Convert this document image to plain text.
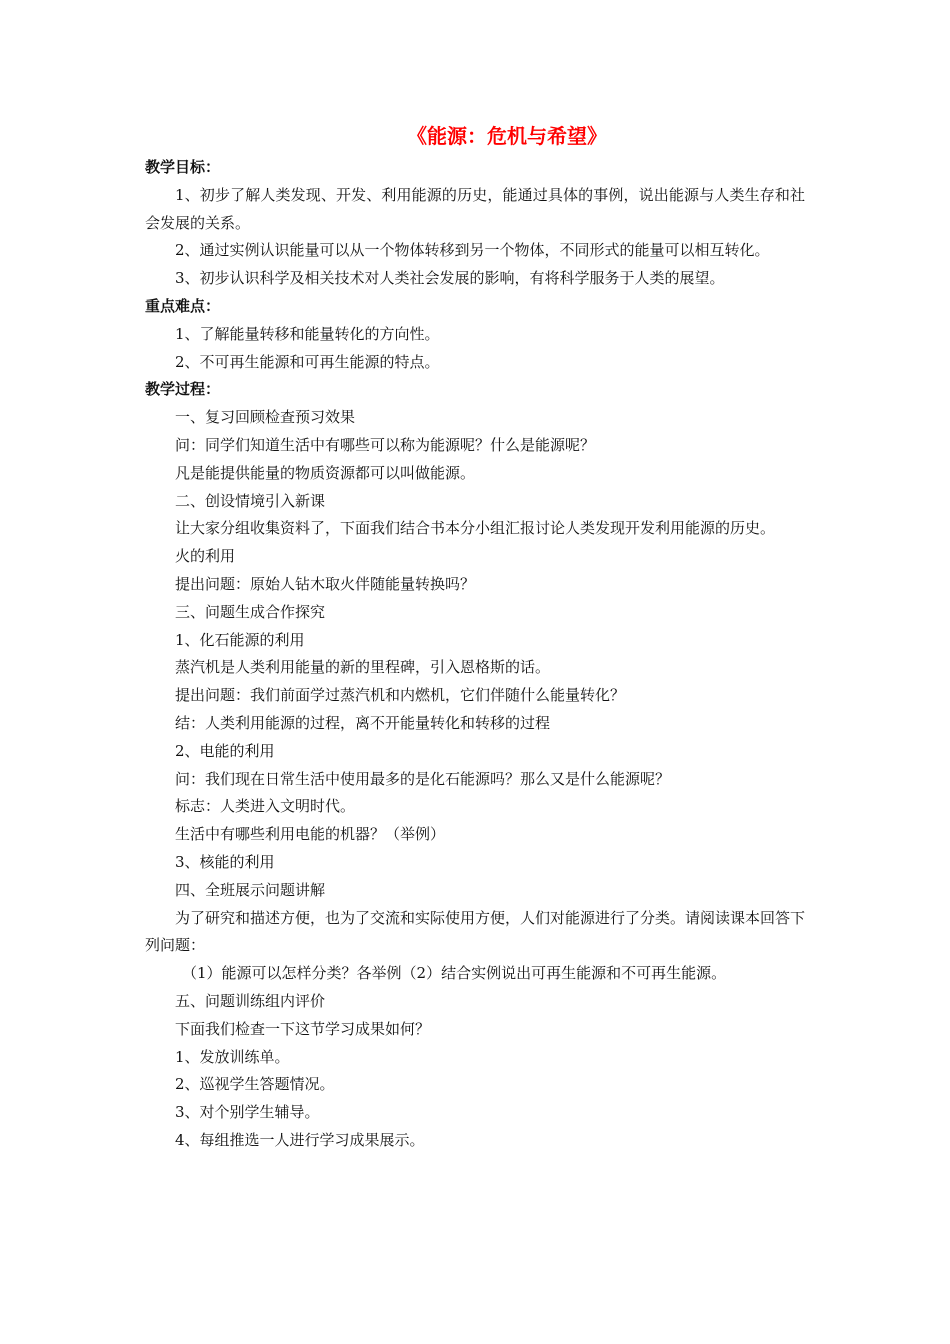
《能源：危机与希望》

教学目标：

1、初步了解人类发现、开发、利用能源的历史，能通过具体的事例，说出能源与人类生存和社会发展的关系。

2、通过实例认识能量可以从一个物体转移到另一个物体，不同形式的能量可以相互转化。

3、初步认识科学及相关技术对人类社会发展的影响，有将科学服务于人类的展望。

重点难点：

1、了解能量转移和能量转化的方向性。

2、不可再生能源和可再生能源的特点。

教学过程：

一、复习回顾检查预习效果

问：同学们知道生活中有哪些可以称为能源呢？什么是能源呢？

凡是能提供能量的物质资源都可以叫做能源。

二、创设情境引入新课

让大家分组收集资料了，下面我们结合书本分小组汇报讨论人类发现开发利用能源的历史。

火的利用

提出问题：原始人钻木取火伴随能量转换吗？

三、问题生成合作探究

1、化石能源的利用

蒸汽机是人类利用能量的新的里程碑，引入恩格斯的话。

提出问题：我们前面学过蒸汽机和内燃机，它们伴随什么能量转化？

结：人类利用能源的过程，离不开能量转化和转移的过程

2、电能的利用

问：我们现在日常生活中使用最多的是化石能源吗？那么又是什么能源呢？

标志：人类进入文明时代。

生活中有哪些利用电能的机器？（举例）

3、核能的利用

四、全班展示问题讲解

为了研究和描述方便，也为了交流和实际使用方便，人们对能源进行了分类。请阅读课本回答下列问题：

（1）能源可以怎样分类？各举例（2）结合实例说出可再生能源和不可再生能源。

五、问题训练组内评价

下面我们检查一下这节学习成果如何？

1、发放训练单。

2、巡视学生答题情况。

3、对个别学生辅导。

4、每组推选一人进行学习成果展示。
